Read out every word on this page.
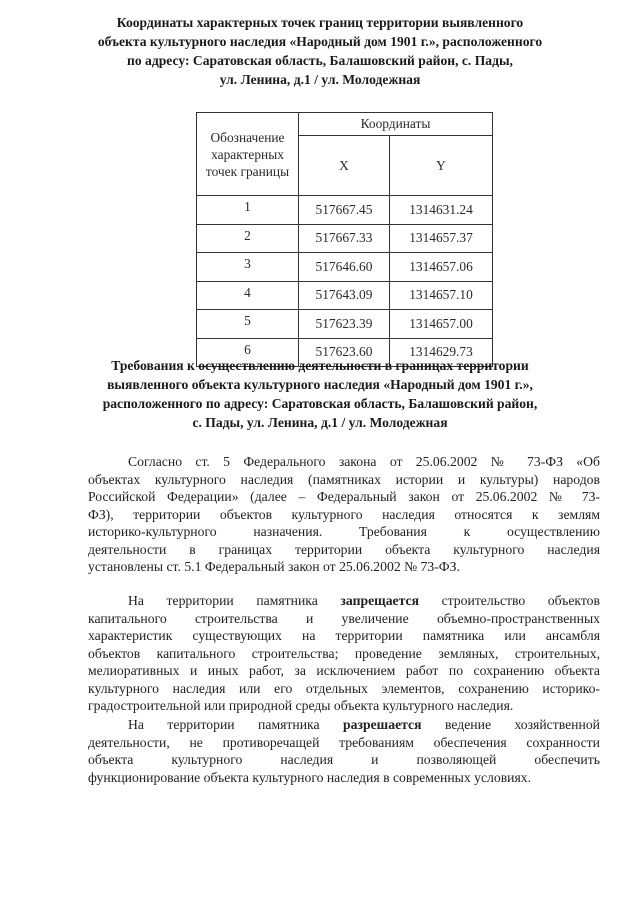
Координаты характерных точек границ территории выявленного
объекта культурного наследия «Народный дом 1901 г.», расположенного
по адресу: Саратовская область, Балашовский район, с. Пады,
ул. Ленина, д.1 / ул. Молодежная
Обозначение
характерных
точек границы	Координаты	
	X	Y
1	517667.45	1314631.24
2	517667.33	1314657.37
3	517646.60	1314657.06
4	517643.09	1314657.10
5	517623.39	1314657.00
6	517623.60	1314629.73
Требования к осуществлению деятельности в границах территории
выявленного объекта культурного наследия «Народный дом 1901 г.»,
расположенного по адресу: Саратовская область, Балашовский район,
с. Пады, ул. Ленина, д.1 / ул. Молодежная
Согласно ст. 5 Федерального закона от 25.06.2002 № 73-ФЗ «Об
объектах культурного наследия (памятниках истории и культуры) народов
Российской Федерации» (далее – Федеральный закон от 25.06.2002 № 73-
ФЗ), территории объектов культурного наследия относятся к землям
историко-культурного назначения. Требования к осуществлению
деятельности в границах территории объекта культурного наследия
установлены ст. 5.1 Федеральный закон от 25.06.2002 № 73-ФЗ.
На территории памятника запрещается строительство объектов
капитального строительства и увеличение объемно-пространственных
характеристик существующих на территории памятника или ансамбля
объектов капитального строительства; проведение земляных, строительных,
мелиоративных и иных работ, за исключением работ по сохранению объекта
культурного наследия или его отдельных элементов, сохранению историко-
градостроительной или природной среды объекта культурного наследия.
На территории памятника разрешается ведение хозяйственной
деятельности, не противоречащей требованиям обеспечения сохранности
объекта культурного наследия и позволяющей обеспечить
функционирование объекта культурного наследия в современных условиях.
